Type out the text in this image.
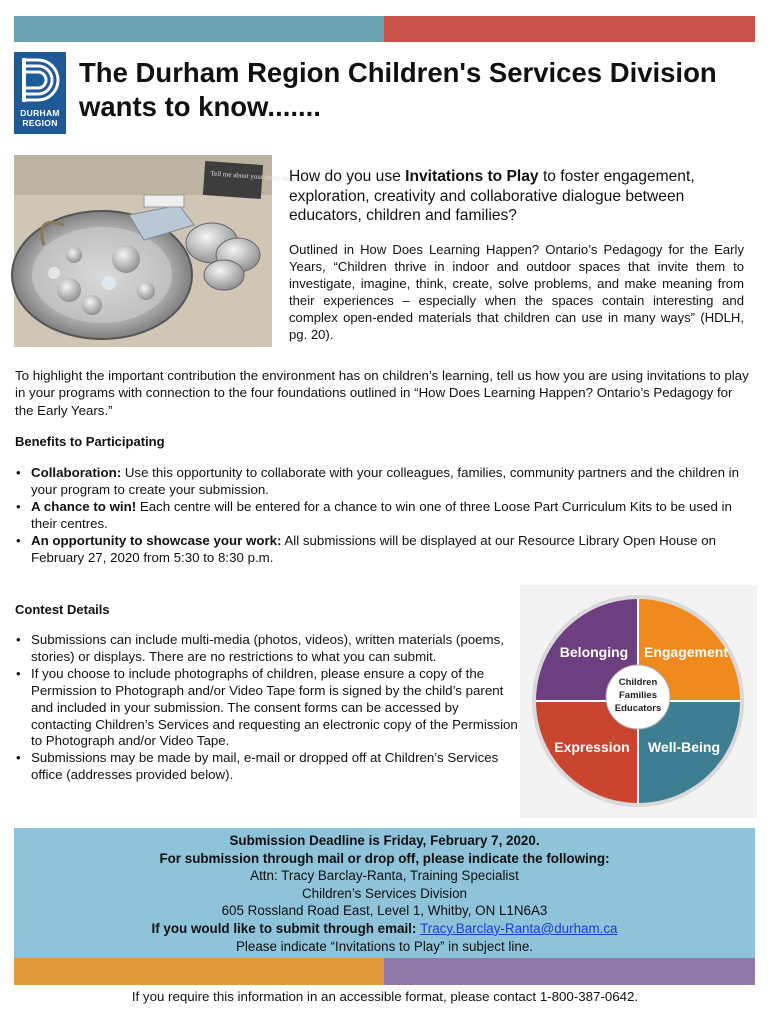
DURHAM
REGION
The Durham Region Children's Services Division
wants to know.......
Tell me about your shiny story
How do you use Invitations to Play to foster engagement, exploration, creativity and collaborative dialogue between educators, children and families?
Outlined in How Does Learning Happen? Ontario’s Pedagogy for the Early Years, “Children thrive in indoor and outdoor spaces that invite them to investigate, imagine, think, create, solve problems, and make meaning from their experiences – especially when the spaces contain interesting and complex open-ended materials that children can use in many ways” (HDLH, pg. 20).
To highlight the important contribution the environment has on children’s learning, tell us how you are using invitations to play in your programs with connection to the four foundations outlined in “How Does Learning Happen? Ontario’s Pedagogy for the Early Years.”
Benefits to Participating
• Collaboration: Use this opportunity to collaborate with your colleagues, families, community partners and the children in your program to create your submission.
• A chance to win! Each centre will be entered for a chance to win one of three Loose Part Curriculum Kits to be used in their centres.
• An opportunity to showcase your work: All submissions will be displayed at our Resource Library Open House on February 27, 2020 from 5:30 to 8:30 p.m.
Contest Details
• Submissions can include multi-media (photos, videos), written materials (poems, stories) or displays. There are no restrictions to what you can submit.
• If you choose to include photographs of children, please ensure a copy of the Permission to Photograph and/or Video Tape form is signed by the child’s parent and included in your submission. The consent forms can be accessed by contacting Children’s Services and requesting an electronic copy of the Permission to Photograph and/or Video Tape.
• Submissions may be made by mail, e-mail or dropped off at Children’s Services office (addresses provided below).
Belonging Engagement
Expression Well-Being
Children
Families
Educators
Submission Deadline is Friday, February 7, 2020.
For submission through mail or drop off, please indicate the following:
Attn: Tracy Barclay-Ranta, Training Specialist
Children’s Services Division
605 Rossland Road East, Level 1, Whitby, ON L1N6A3
If you would like to submit through email: Tracy.Barclay-Ranta@durham.ca
Please indicate “Invitations to Play” in subject line.
If you require this information in an accessible format, please contact 1-800-387-0642.
